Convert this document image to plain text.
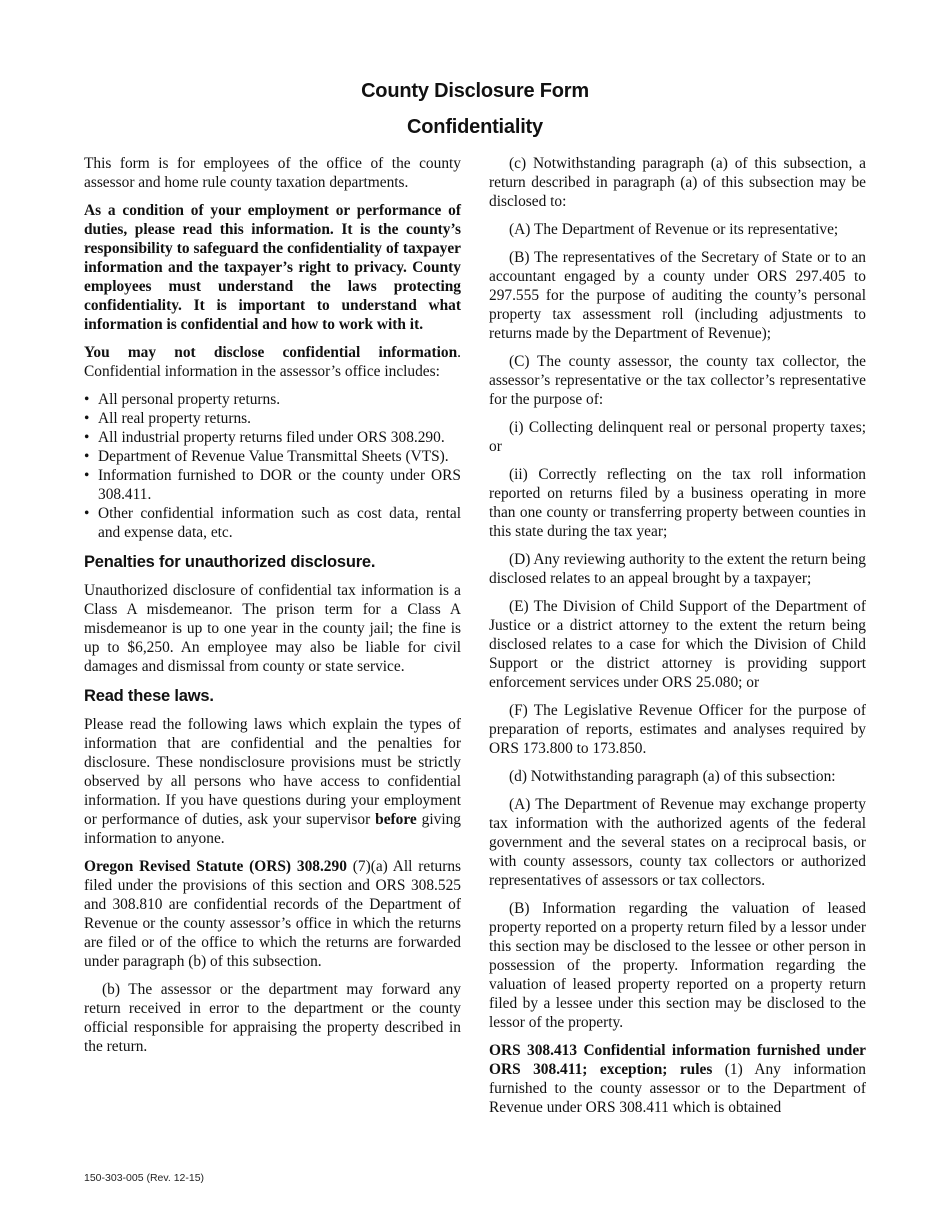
County Disclosure Form
Confidentiality

This form is for employees of the office of the county assessor and home rule county taxation departments.

As a condition of your employment or performance of duties, please read this information. It is the county’s responsibility to safeguard the confidentiality of taxpayer information and the taxpayer’s right to privacy. County employees must understand the laws protecting confidentiality. It is important to understand what information is confidential and how to work with it.

You may not disclose confidential information. Confidential information in the assessor’s office includes:

• All personal property returns.
• All real property returns.
• All industrial property returns filed under ORS 308.290.
• Department of Revenue Value Transmittal Sheets (VTS).
• Information furnished to DOR or the county under ORS 308.411.
• Other confidential information such as cost data, rental and expense data, etc.
Penalties for unauthorized disclosure.

Unauthorized disclosure of confidential tax information is a Class A misdemeanor. The prison term for a Class A misdemeanor is up to one year in the county jail; the fine is up to $6,250. An employee may also be liable for civil damages and dismissal from county or state service.

Read these laws.

Please read the following laws which explain the types of information that are confidential and the penalties for disclosure. These nondisclosure provisions must be strictly observed by all persons who have access to confidential information. If you have questions during your employment or performance of duties, ask your supervisor before giving information to anyone.

Oregon Revised Statute (ORS) 308.290 (7)(a) All returns filed under the provisions of this section and ORS 308.525 and 308.810 are confidential records of the Department of Revenue or the county assessor’s office in which the returns are filed or of the office to which the returns are forwarded under paragraph (b) of this subsection.

(b) The assessor or the department may forward any return received in error to the department or the county official responsible for appraising the property described in the return.

(c) Notwithstanding paragraph (a) of this subsection, a return described in paragraph (a) of this subsection may be disclosed to:

(A) The Department of Revenue or its representative;

(B) The representatives of the Secretary of State or to an accountant engaged by a county under ORS 297.405 to 297.555 for the purpose of auditing the county’s personal property tax assessment roll (including adjustments to returns made by the Department of Revenue);

(C) The county assessor, the county tax collector, the assessor’s representative or the tax collector’s representative for the purpose of:

(i) Collecting delinquent real or personal property taxes; or

(ii) Correctly reflecting on the tax roll information reported on returns filed by a business operating in more than one county or transferring property between counties in this state during the tax year;

(D) Any reviewing authority to the extent the return being disclosed relates to an appeal brought by a taxpayer;

(E) The Division of Child Support of the Department of Justice or a district attorney to the extent the return being disclosed relates to a case for which the Division of Child Support or the district attorney is providing support enforcement services under ORS 25.080; or

(F) The Legislative Revenue Officer for the purpose of preparation of reports, estimates and analyses required by ORS 173.800 to 173.850.

(d) Notwithstanding paragraph (a) of this subsection:

(A) The Department of Revenue may exchange property tax information with the authorized agents of the federal government and the several states on a reciprocal basis, or with county assessors, county tax collectors or authorized representatives of assessors or tax collectors.

(B) Information regarding the valuation of leased property reported on a property return filed by a lessor under this section may be disclosed to the lessee or other person in possession of the property. Information regarding the valuation of leased property reported on a property return filed by a lessee under this section may be disclosed to the lessor of the property.

ORS 308.413 Confidential information furnished under ORS 308.411; exception; rules (1) Any information furnished to the county assessor or to the Department of Revenue under ORS 308.411 which is obtained

150-303-005 (Rev. 12-15)
